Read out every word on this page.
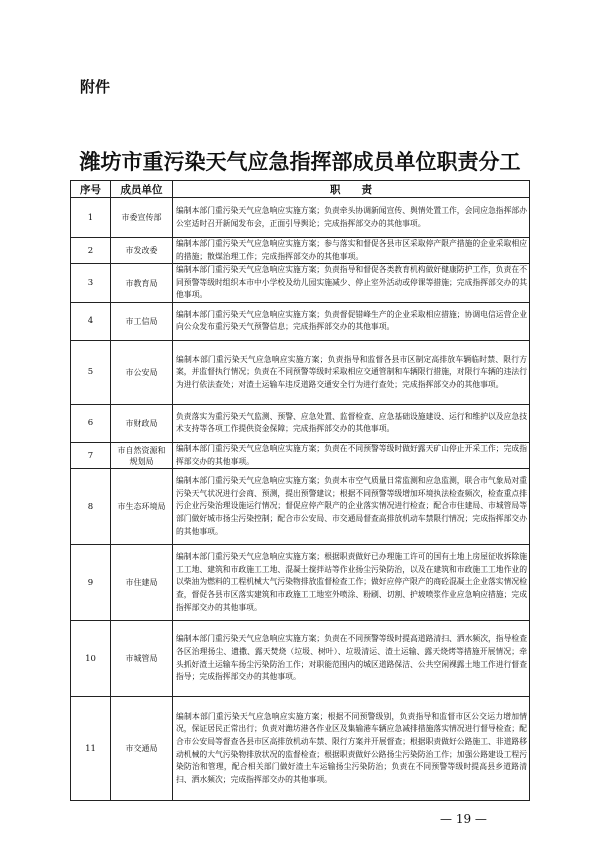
附件
潍坊市重污染天气应急指挥部成员单位职责分工
序号	成员单位	职　　责
1	市委宣传部	编制本部门重污染天气应急响应实施方案；负责牵头协调新闻宣传、舆情处置工作，会同应急指挥部办公室适时召开新闻发布会，正面引导舆论；完成指挥部交办的其他事项。
2	市发改委	编制本部门重污染天气应急响应实施方案；参与落实和督促各县市区采取停产限产措施的企业采取相应的措施；散煤治理工作；完成指挥部交办的其他事项。
3	市教育局	编制本部门重污染天气应急响应实施方案；负责指导和督促各类教育机构做好健康防护工作，负责在不同预警等级时组织本市中小学校及幼儿园实施减少、停止室外活动或停课等措施；完成指挥部交办的其他事项。
4	市工信局	编制本部门重污染天气应急响应实施方案；负责督促错峰生产的企业采取相应措施；协调电信运营企业向公众发布重污染天气预警信息；完成指挥部交办的其他事项。
5	市公安局	编制本部门重污染天气应急响应实施方案；负责指导和监督各县市区制定高排放车辆临时禁、限行方案，并监督执行情况；负责在不同预警等级时采取相应交通管制和车辆限行措施，对限行车辆的违法行为进行依法查处；对渣土运输车违反道路交通安全行为进行查处；完成指挥部交办的其他事项。
6	市财政局	负责落实为重污染天气监测、预警、应急处置、监督检查、应急基础设施建设、运行和维护以及应急技术支持等各项工作提供资金保障；完成指挥部交办的其他事项。
7	市自然资源和规划局	编制本部门重污染天气应急响应实施方案；负责在不同预警等级时做好露天矿山停止开采工作；完成指挥部交办的其他事项。
8	市生态环境局	编制本部门重污染天气应急响应实施方案；负责本市空气质量日常监测和应急监测，联合市气象局对重污染天气状况进行会商、预测，提出预警建议；根据不同预警等级增加环境执法检查频次，检查重点排污企业污染治理设施运行情况；督促应停产限产的企业落实情况进行检查；配合市住建局、市城管局等部门做好城市扬尘污染控制；配合市公安局、市交通局督查高排放机动车禁限行情况；完成指挥部交办的其他事项。
9	市住建局	编制本部门重污染天气应急响应实施方案；根据职责做好已办理施工许可的国有土地上房屋征收拆除施工工地、建筑和市政施工工地、混凝土搅拌站等作业扬尘污染防治，以及在建筑和市政施工工地作业的以柴油为燃料的工程机械大气污染物排放监督检查工作；做好应停产限产的商砼混凝土企业落实情况检查，督促各县市区落实建筑和市政施工工地室外喷涂、粉刷、切割、护坡喷浆作业应急响应措施；完成指挥部交办的其他事项。
10	市城管局	编制本部门重污染天气应急响应实施方案；负责在不同预警等级时提高道路清扫、洒水频次，指导检查各区治理扬尘、遗撒、露天焚烧（垃圾、树叶）、垃圾清运、渣土运输、露天烧烤等措施开展情况；牵头抓好渣土运输车扬尘污染防治工作；对职能范围内的城区道路保洁、公共空闲裸露土地工作进行督查指导；完成指挥部交办的其他事项。
11	市交通局	编制本部门重污染天气应急响应实施方案；根据不同预警级别，负责指导和监督市区公交运力增加情况，保证居民正常出行；负责对潍坊港各作业区及集输港车辆应急减排措施落实情况进行督导检查；配合市公安局等督查各县市区高排放机动车禁、限行方案并开展督查；根据职责做好公路施工、非道路移动机械的大气污染物排放状况的监督检查；根据职责做好公路扬尘污染防治工作；加强公路建设工程污染防治和管理，配合相关部门做好渣土车运输扬尘污染防治；负责在不同预警等级时提高县乡道路清扫、洒水频次；完成指挥部交办的其他事项。
— 19 —
